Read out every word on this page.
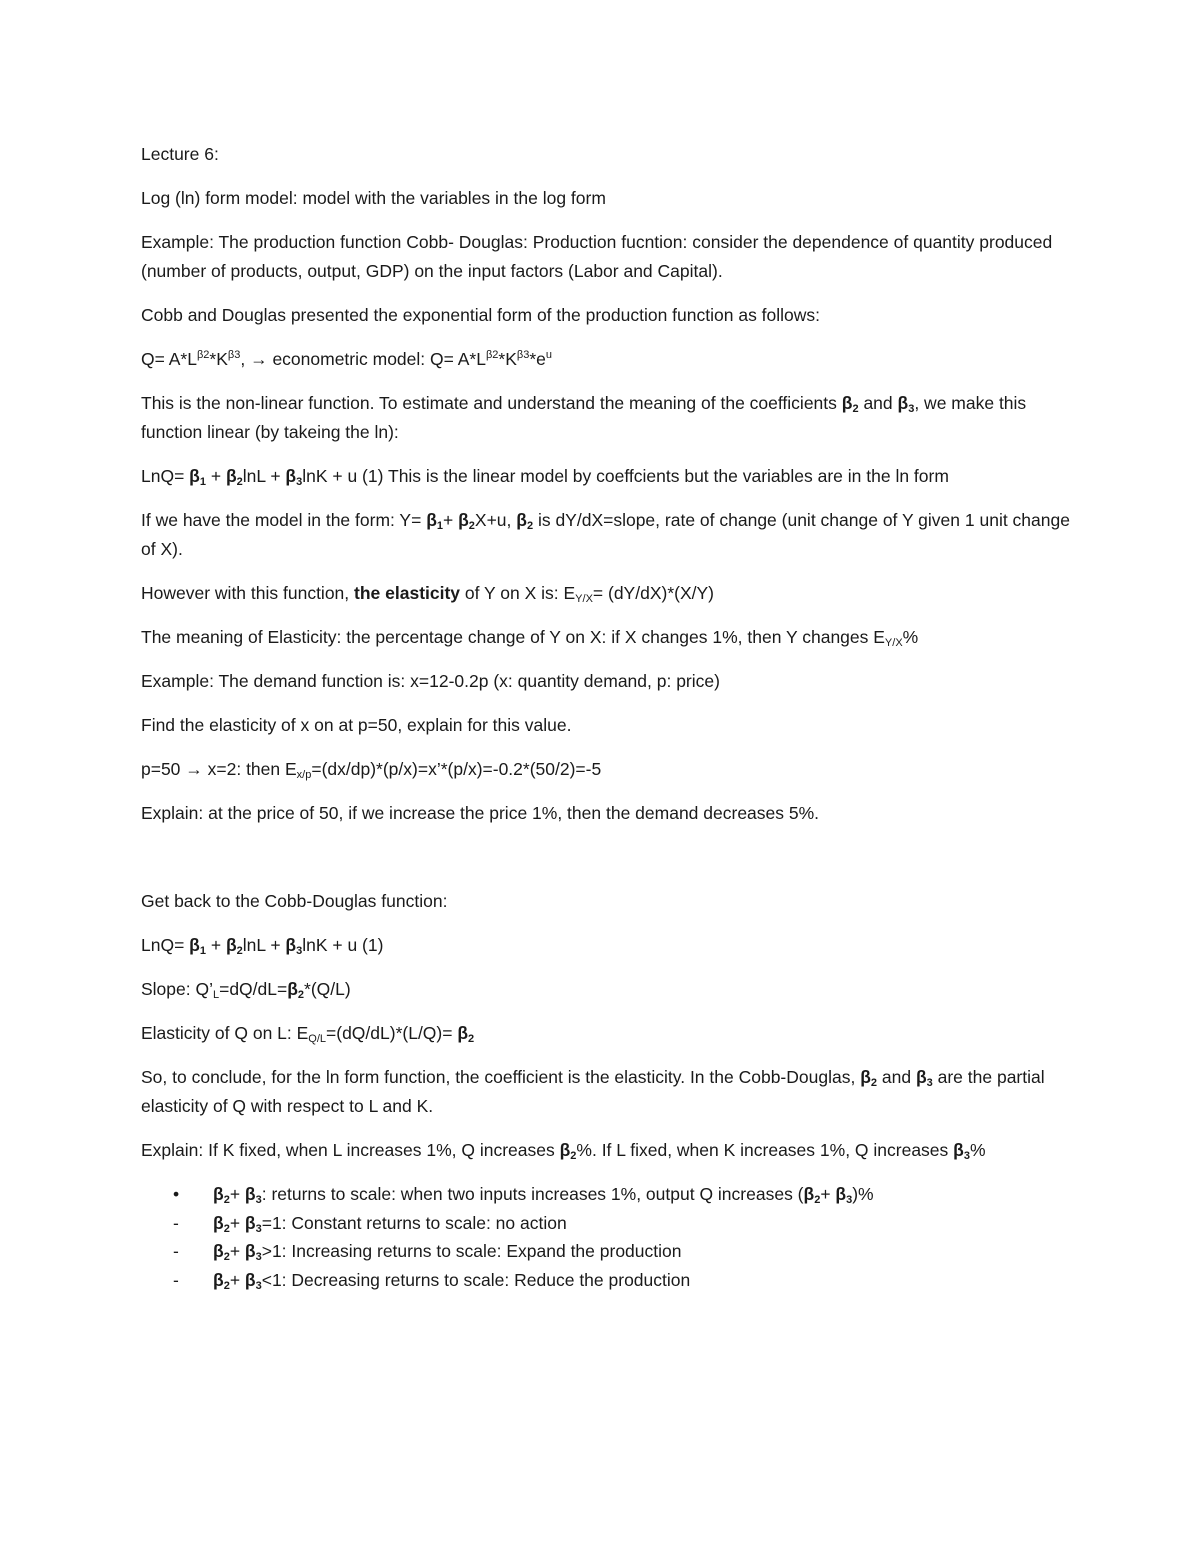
Lecture 6:

Log (ln) form model: model with the variables in the log form

Example: The production function Cobb- Douglas: Production fucntion: consider the dependence of quantity produced (number of products, output, GDP) on the input factors (Labor and Capital).

Cobb and Douglas presented the exponential form of the production function as follows:

$Q= A*L^{\beta 2}*K^{\beta 3}$, → econometric model: $Q= A*L^{\beta 2}*K^{\beta 3}*e^u$

This is the non-linear function. To estimate and understand the meaning of the coefficients $\beta_2$ and $\beta_3$, we make this function linear (by takeing the ln):

$LnQ= \beta_1 + \beta_2\ln L + \beta_3\ln K + u$ (1) This is the linear model by coeffcients but the variables are in the ln form

If we have the model in the form: $Y= \beta_1+ \beta_2X+u$, $\beta_2$ is dY/dX=slope, rate of change (unit change of Y given 1 unit change of X).

However with this function, the elasticity of Y on X is: $E_{Y/X}= (dY/dX)*(X/Y)$

The meaning of Elasticity: the percentage change of Y on X: if X changes 1%, then Y changes $E_{Y/X}\%$

Example: The demand function is: x=12-0.2p (x: quantity demand, p: price)

Find the elasticity of x on at p=50, explain for this value.

p=50 → x=2: then $E_{x/p}=(dx/dp)*(p/x)=x’*(p/x)=-0.2*(50/2)=-5$

Explain: at the price of 50, if we increase the price 1%, then the demand decreases 5%.

Get back to the Cobb-Douglas function:

$LnQ= \beta_1 + \beta_2\ln L + \beta_3\ln K + u$ (1)

Slope: $Q’_L=dQ/dL=\beta_2*(Q/L)$

Elasticity of Q on L: $E_{Q/L}=(dQ/dL)*(L/Q)= \beta_2$

So, to conclude, for the ln form function, the coefficient is the elasticity. In the Cobb-Douglas, $\beta_2$ and $\beta_3$ are the partial elasticity of Q with respect to L and K.

Explain: If K fixed, when L increases 1%, Q increases $\beta_2\%$. If L fixed, when K increases 1%, Q increases $\beta_3\%$

•	$\beta_2+ \beta_3$: returns to scale: when two inputs increases 1%, output Q increases $(\beta_2+ \beta_3)\%$
-	$\beta_2+ \beta_3=1$: Constant returns to scale: no action
-	$\beta_2+ \beta_3>1$: Increasing returns to scale: Expand the production
-	$\beta_2+ \beta_3<1$: Decreasing returns to scale: Reduce the production
